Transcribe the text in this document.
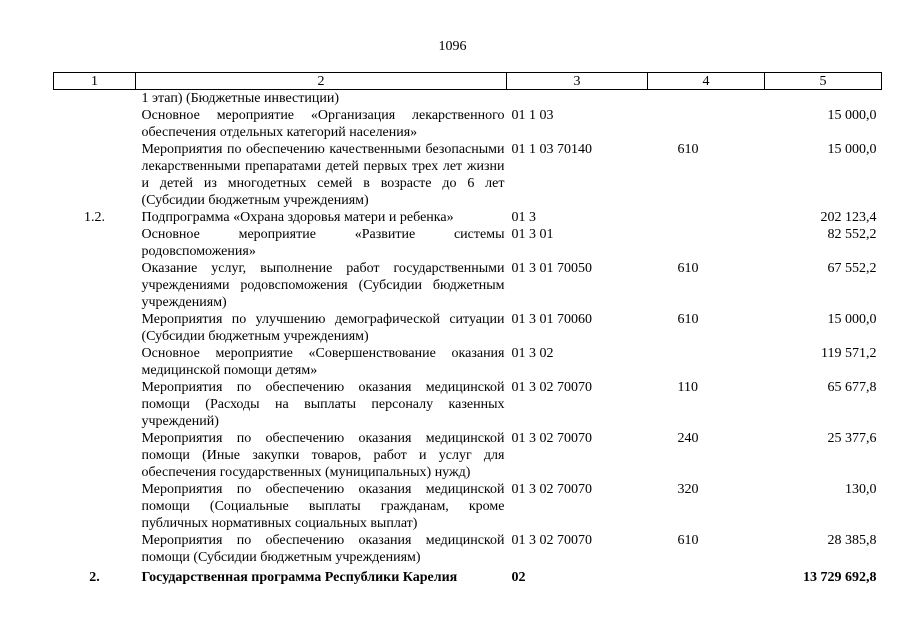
1096
1	2	3	4	5
	1 этап) (Бюджетные инвестиции)			
	Основное мероприятие «Организация лекарственного обеспечения отдельных категорий населения»	01 1 03		15 000,0
	Мероприятия по обеспечению качественными безопасными лекарственными препаратами детей первых трех лет жизни и детей из многодетных семей в возрасте до 6 лет (Субсидии бюджетным учреждениям)	01 1 03 70140	610	15 000,0
1.2.	Подпрограмма «Охрана здоровья матери и ребенка»	01 3		202 123,4
	Основное мероприятие «Развитие системы родовспоможения»	01 3 01		82 552,2
	Оказание услуг, выполнение работ государственными учреждениями родовспоможения (Субсидии бюджетным учреждениям)	01 3 01 70050	610	67 552,2
	Мероприятия по улучшению демографической ситуации (Субсидии бюджетным учреждениям)	01 3 01 70060	610	15 000,0
	Основное мероприятие «Совершенствование оказания медицинской помощи детям»	01 3 02		119 571,2
	Мероприятия по обеспечению оказания медицинской помощи (Расходы на выплаты персоналу казенных учреждений)	01 3 02 70070	110	65 677,8
	Мероприятия по обеспечению оказания медицинской помощи (Иные закупки товаров, работ и услуг для обеспечения государственных (муниципальных) нужд)	01 3 02 70070	240	25 377,6
	Мероприятия по обеспечению оказания медицинской помощи (Социальные выплаты гражданам, кроме публичных нормативных социальных выплат)	01 3 02 70070	320	130,0
	Мероприятия по обеспечению оказания медицинской помощи (Субсидии бюджетным учреждениям)	01 3 02 70070	610	28 385,8
2.	Государственная программа Республики Карелия	02		13 729 692,8
